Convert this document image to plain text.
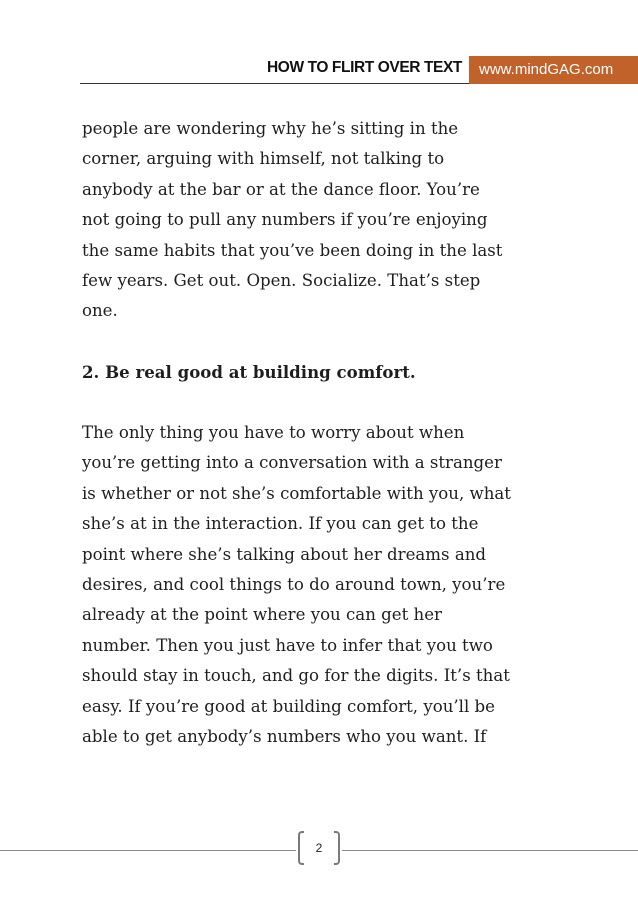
HOW TO FLIRT OVER TEXT	www.mindGAG.com

people are wondering why he’s sitting in the

corner, arguing with himself, not talking to

anybody at the bar or at the dance floor. You’re

not going to pull any numbers if you’re enjoying

the same habits that you’ve been doing in the last

few years. Get out. Open. Socialize. That’s step

one.

2. Be real good at building comfort.

The only thing you have to worry about when

you’re getting into a conversation with a stranger

is whether or not she’s comfortable with you, what

she’s at in the interaction. If you can get to the

point where she’s talking about her dreams and

desires, and cool things to do around town, you’re

already at the point where you can get her

number. Then you just have to infer that you two

should stay in touch, and go for the digits. It’s that

easy. If you’re good at building comfort, you’ll be

able to get anybody’s numbers who you want. If

2
